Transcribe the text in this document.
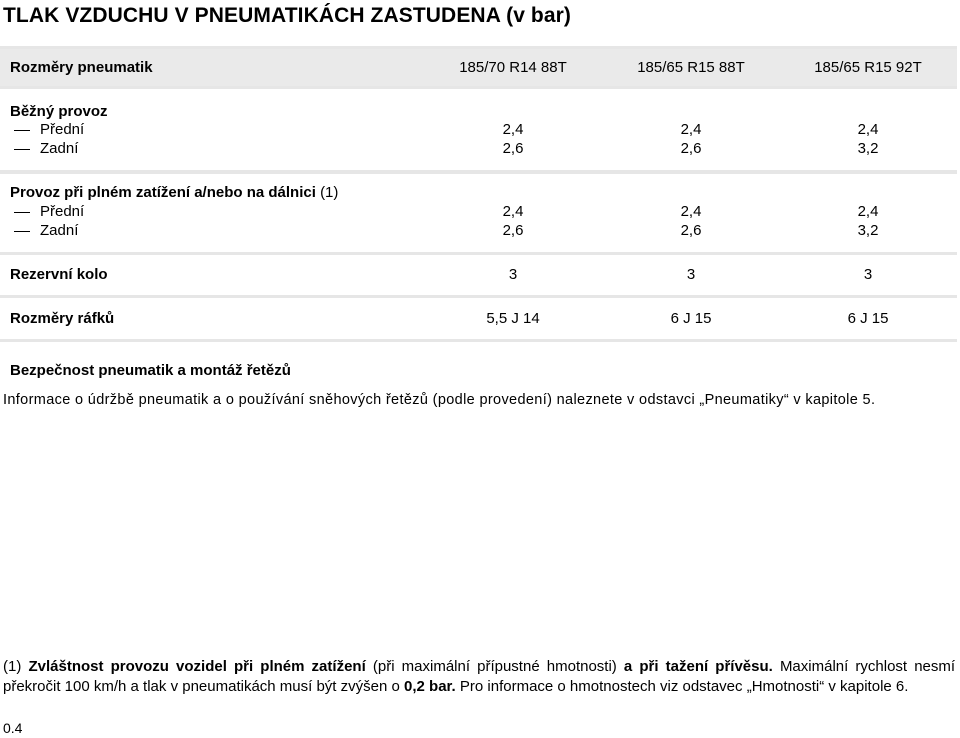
TLAK VZDUCHU V PNEUMATIKÁCH ZASTUDENA (v bar)
Rozměry pneumatik	185/70 R14 88T	185/65 R15 88T	185/65 R15 92T
Běžný provoz
Přední	2,4	2,4	2,4
Zadní	2,6	2,6	3,2
Provoz při plném zatížení a/nebo na dálnici (1)
Přední	2,4	2,4	2,4
Zadní	2,6	2,6	3,2
Rezervní kolo	3	3	3
Rozměry ráfků	5,5 J 14	6 J 15	6 J 15
Bezpečnost pneumatik a montáž řetězů
Informace o údržbě pneumatik a o používání sněhových řetězů (podle provedení) naleznete v odstavci „Pneumatiky“ v kapitole 5.
(1) Zvláštnost provozu vozidel při plném zatížení (při maximální přípustné hmotnosti) a při tažení přívěsu. Maximální rychlost nesmí překročit 100 km/h a tlak v pneumatikách musí být zvýšen o 0,2 bar. Pro informace o hmotnostech viz odstavec „Hmotnosti“ v kapitole 6.
0.4
